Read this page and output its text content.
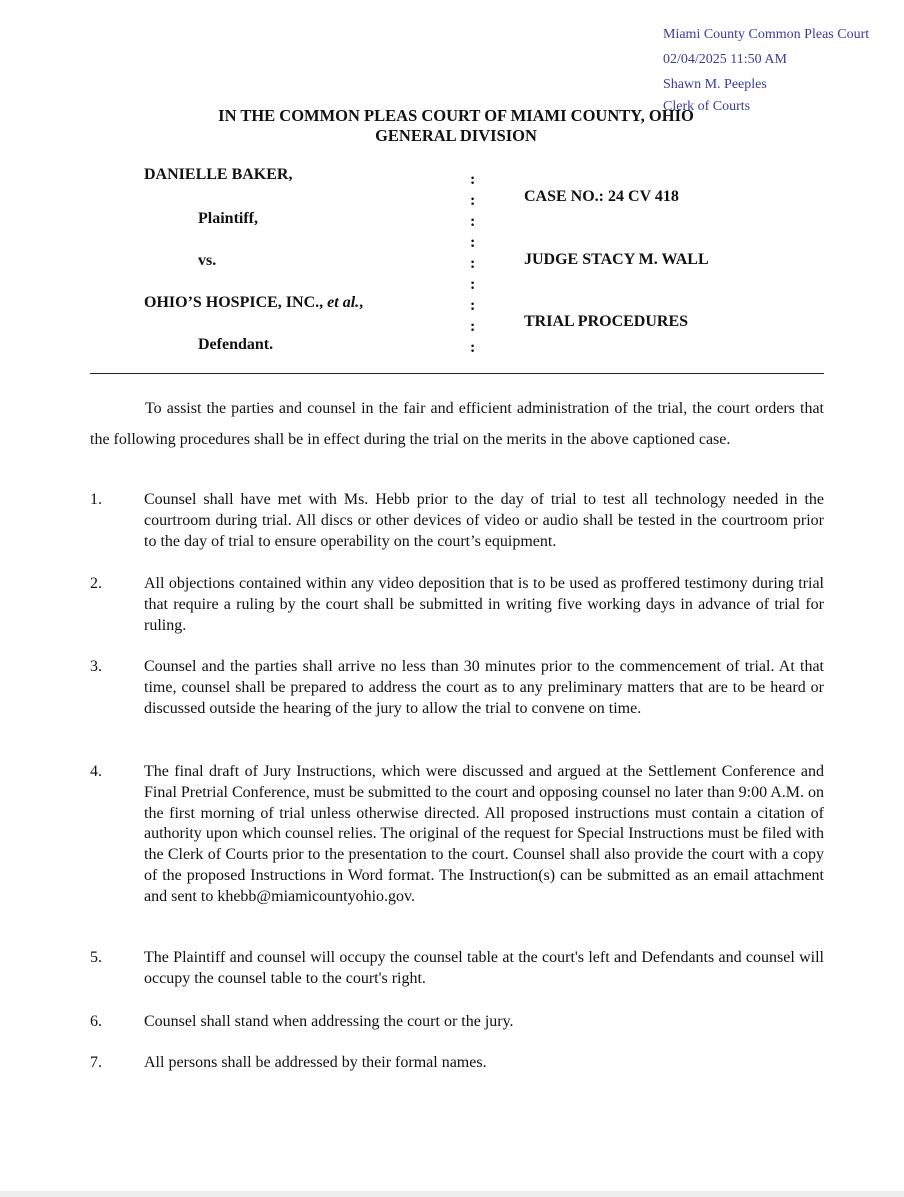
Miami County Common Pleas Court
02/04/2025 11:50 AM
Shawn M. Peeples
Clerk of Courts
IN THE COMMON PLEAS COURT OF MIAMI COUNTY, OHIO
GENERAL DIVISION
DANIELLE BAKER,
Plaintiff,
vs.
OHIO’S HOSPICE, INC., et al.,
Defendant.
:
:
:
:
:
:
:
:
:
CASE NO.: 24 CV 418
JUDGE STACY M. WALL
TRIAL PROCEDURES
To assist the parties and counsel in the fair and efficient administration of the trial, the court orders that the following procedures shall be in effect during the trial on the merits in the above captioned case.
1.	Counsel shall have met with Ms. Hebb prior to the day of trial to test all technology needed in the courtroom during trial. All discs or other devices of video or audio shall be tested in the courtroom prior to the day of trial to ensure operability on the court’s equipment.
2.	All objections contained within any video deposition that is to be used as proffered testimony during trial that require a ruling by the court shall be submitted in writing five working days in advance of trial for ruling.
3.	Counsel and the parties shall arrive no less than 30 minutes prior to the commencement of trial. At that time, counsel shall be prepared to address the court as to any preliminary matters that are to be heard or discussed outside the hearing of the jury to allow the trial to convene on time.
4.	The final draft of Jury Instructions, which were discussed and argued at the Settlement Conference and Final Pretrial Conference, must be submitted to the court and opposing counsel no later than 9:00 A.M. on the first morning of trial unless otherwise directed. All proposed instructions must contain a citation of authority upon which counsel relies. The original of the request for Special Instructions must be filed with the Clerk of Courts prior to the presentation to the court. Counsel shall also provide the court with a copy of the proposed Instructions in Word format. The Instruction(s) can be submitted as an email attachment and sent to khebb@miamicountyohio.gov.
5.	The Plaintiff and counsel will occupy the counsel table at the court's left and Defendants and counsel will occupy the counsel table to the court's right.
6.	Counsel shall stand when addressing the court or the jury.
7.	All persons shall be addressed by their formal names.
